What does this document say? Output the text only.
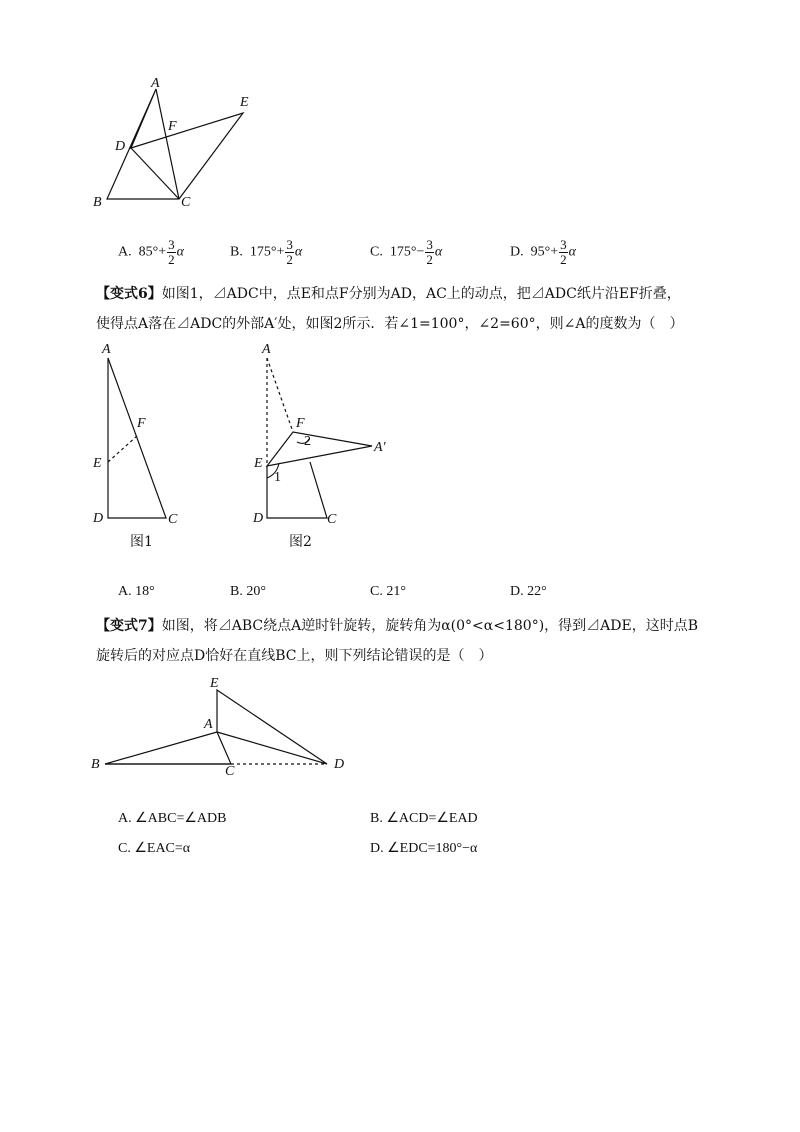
A
E
F
D
B	C
A. $85^\circ+ \frac{3}{2}$ α	B. $175^\circ+ \frac{3}{2}$ α	C. $175^\circ- \frac{3}{2}$ α	D. $95^\circ+ \frac{3}{2}$ α
【变式6】如图1，⊿ADC中，点E和点F分别为AD，AC上的动点，把⊿ADC纸片沿EF折叠，
使得点A落在⊿ADC的外部A′处，如图2所示．若∠1=100°，∠2=60°，则∠A的度数为（　）
A
F
E
D	C
图1
A
F
2	A′
E
1
D	C
图2
A. 18°	B. 20°	C. 21°	D. 22°
【变式7】如图，将⊿ABC绕点A逆时针旋转，旋转角为α(0°<α<180°)，得到⊿ADE，这时点B
旋转后的对应点D恰好在直线BC上，则下列结论错误的是（　）
E
A
B	C	D
A. ∠ABC=∠ADB	B. ∠ACD=∠EAD
C. ∠EAC=α	D. ∠EDC=180°−α
